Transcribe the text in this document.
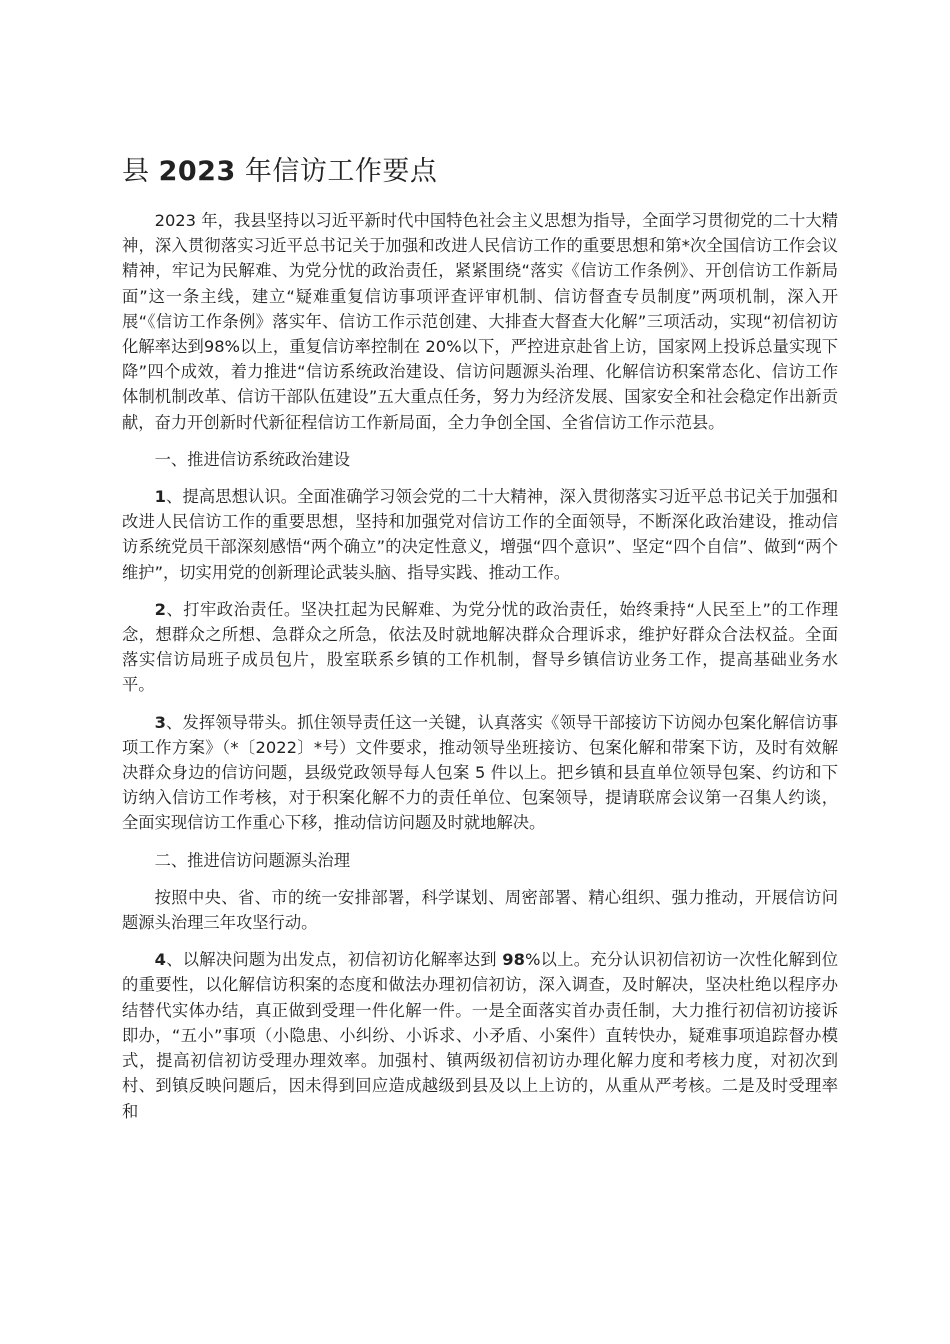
县 2023 年信访工作要点

2023 年，我县坚持以习近平新时代中国特色社会主义思想为指导，全面学习贯彻党的二十大精神，深入贯彻落实习近平总书记关于加强和改进人民信访工作的重要思想和第*次全国信访工作会议精神，牢记为民解难、为党分忧的政治责任，紧紧围绕“落实《信访工作条例》、开创信访工作新局面”这一条主线，建立“疑难重复信访事项评查评审机制、信访督查专员制度”两项机制，深入开展“《信访工作条例》落实年、信访工作示范创建、大排查大督查大化解”三项活动，实现“初信初访化解率达到98%以上，重复信访率控制在 20%以下，严控进京赴省上访，国家网上投诉总量实现下降”四个成效，着力推进“信访系统政治建设、信访问题源头治理、化解信访积案常态化、信访工作体制机制改革、信访干部队伍建设”五大重点任务，努力为经济发展、国家安全和社会稳定作出新贡献，奋力开创新时代新征程信访工作新局面，全力争创全国、全省信访工作示范县。

一、推进信访系统政治建设

1、提高思想认识。全面准确学习领会党的二十大精神，深入贯彻落实习近平总书记关于加强和改进人民信访工作的重要思想，坚持和加强党对信访工作的全面领导，不断深化政治建设，推动信访系统党员干部深刻感悟“两个确立”的决定性意义，增强“四个意识”、坚定“四个自信”、做到“两个维护”，切实用党的创新理论武装头脑、指导实践、推动工作。

2、打牢政治责任。坚决扛起为民解难、为党分忧的政治责任，始终秉持“人民至上”的工作理念，想群众之所想、急群众之所急，依法及时就地解决群众合理诉求，维护好群众合法权益。全面落实信访局班子成员包片，股室联系乡镇的工作机制，督导乡镇信访业务工作，提高基础业务水平。

3、发挥领导带头。抓住领导责任这一关键，认真落实《领导干部接访下访阅办包案化解信访事项工作方案》（*〔2022〕*号）文件要求，推动领导坐班接访、包案化解和带案下访，及时有效解决群众身边的信访问题，县级党政领导每人包案 5 件以上。把乡镇和县直单位领导包案、约访和下访纳入信访工作考核，对于积案化解不力的责任单位、包案领导，提请联席会议第一召集人约谈，全面实现信访工作重心下移，推动信访问题及时就地解决。

二、推进信访问题源头治理

按照中央、省、市的统一安排部署，科学谋划、周密部署、精心组织、强力推动，开展信访问题源头治理三年攻坚行动。

4、以解决问题为出发点，初信初访化解率达到 98%以上。充分认识初信初访一次性化解到位的重要性，以化解信访积案的态度和做法办理初信初访，深入调查，及时解决，坚决杜绝以程序办结替代实体办结，真正做到受理一件化解一件。一是全面落实首办责任制，大力推行初信初访接诉即办，“五小”事项（小隐患、小纠纷、小诉求、小矛盾、小案件）直转快办，疑难事项追踪督办模式，提高初信初访受理办理效率。加强村、镇两级初信初访办理化解力度和考核力度，对初次到村、到镇反映问题后，因未得到回应造成越级到县及以上上访的，从重从严考核。二是及时受理率和
